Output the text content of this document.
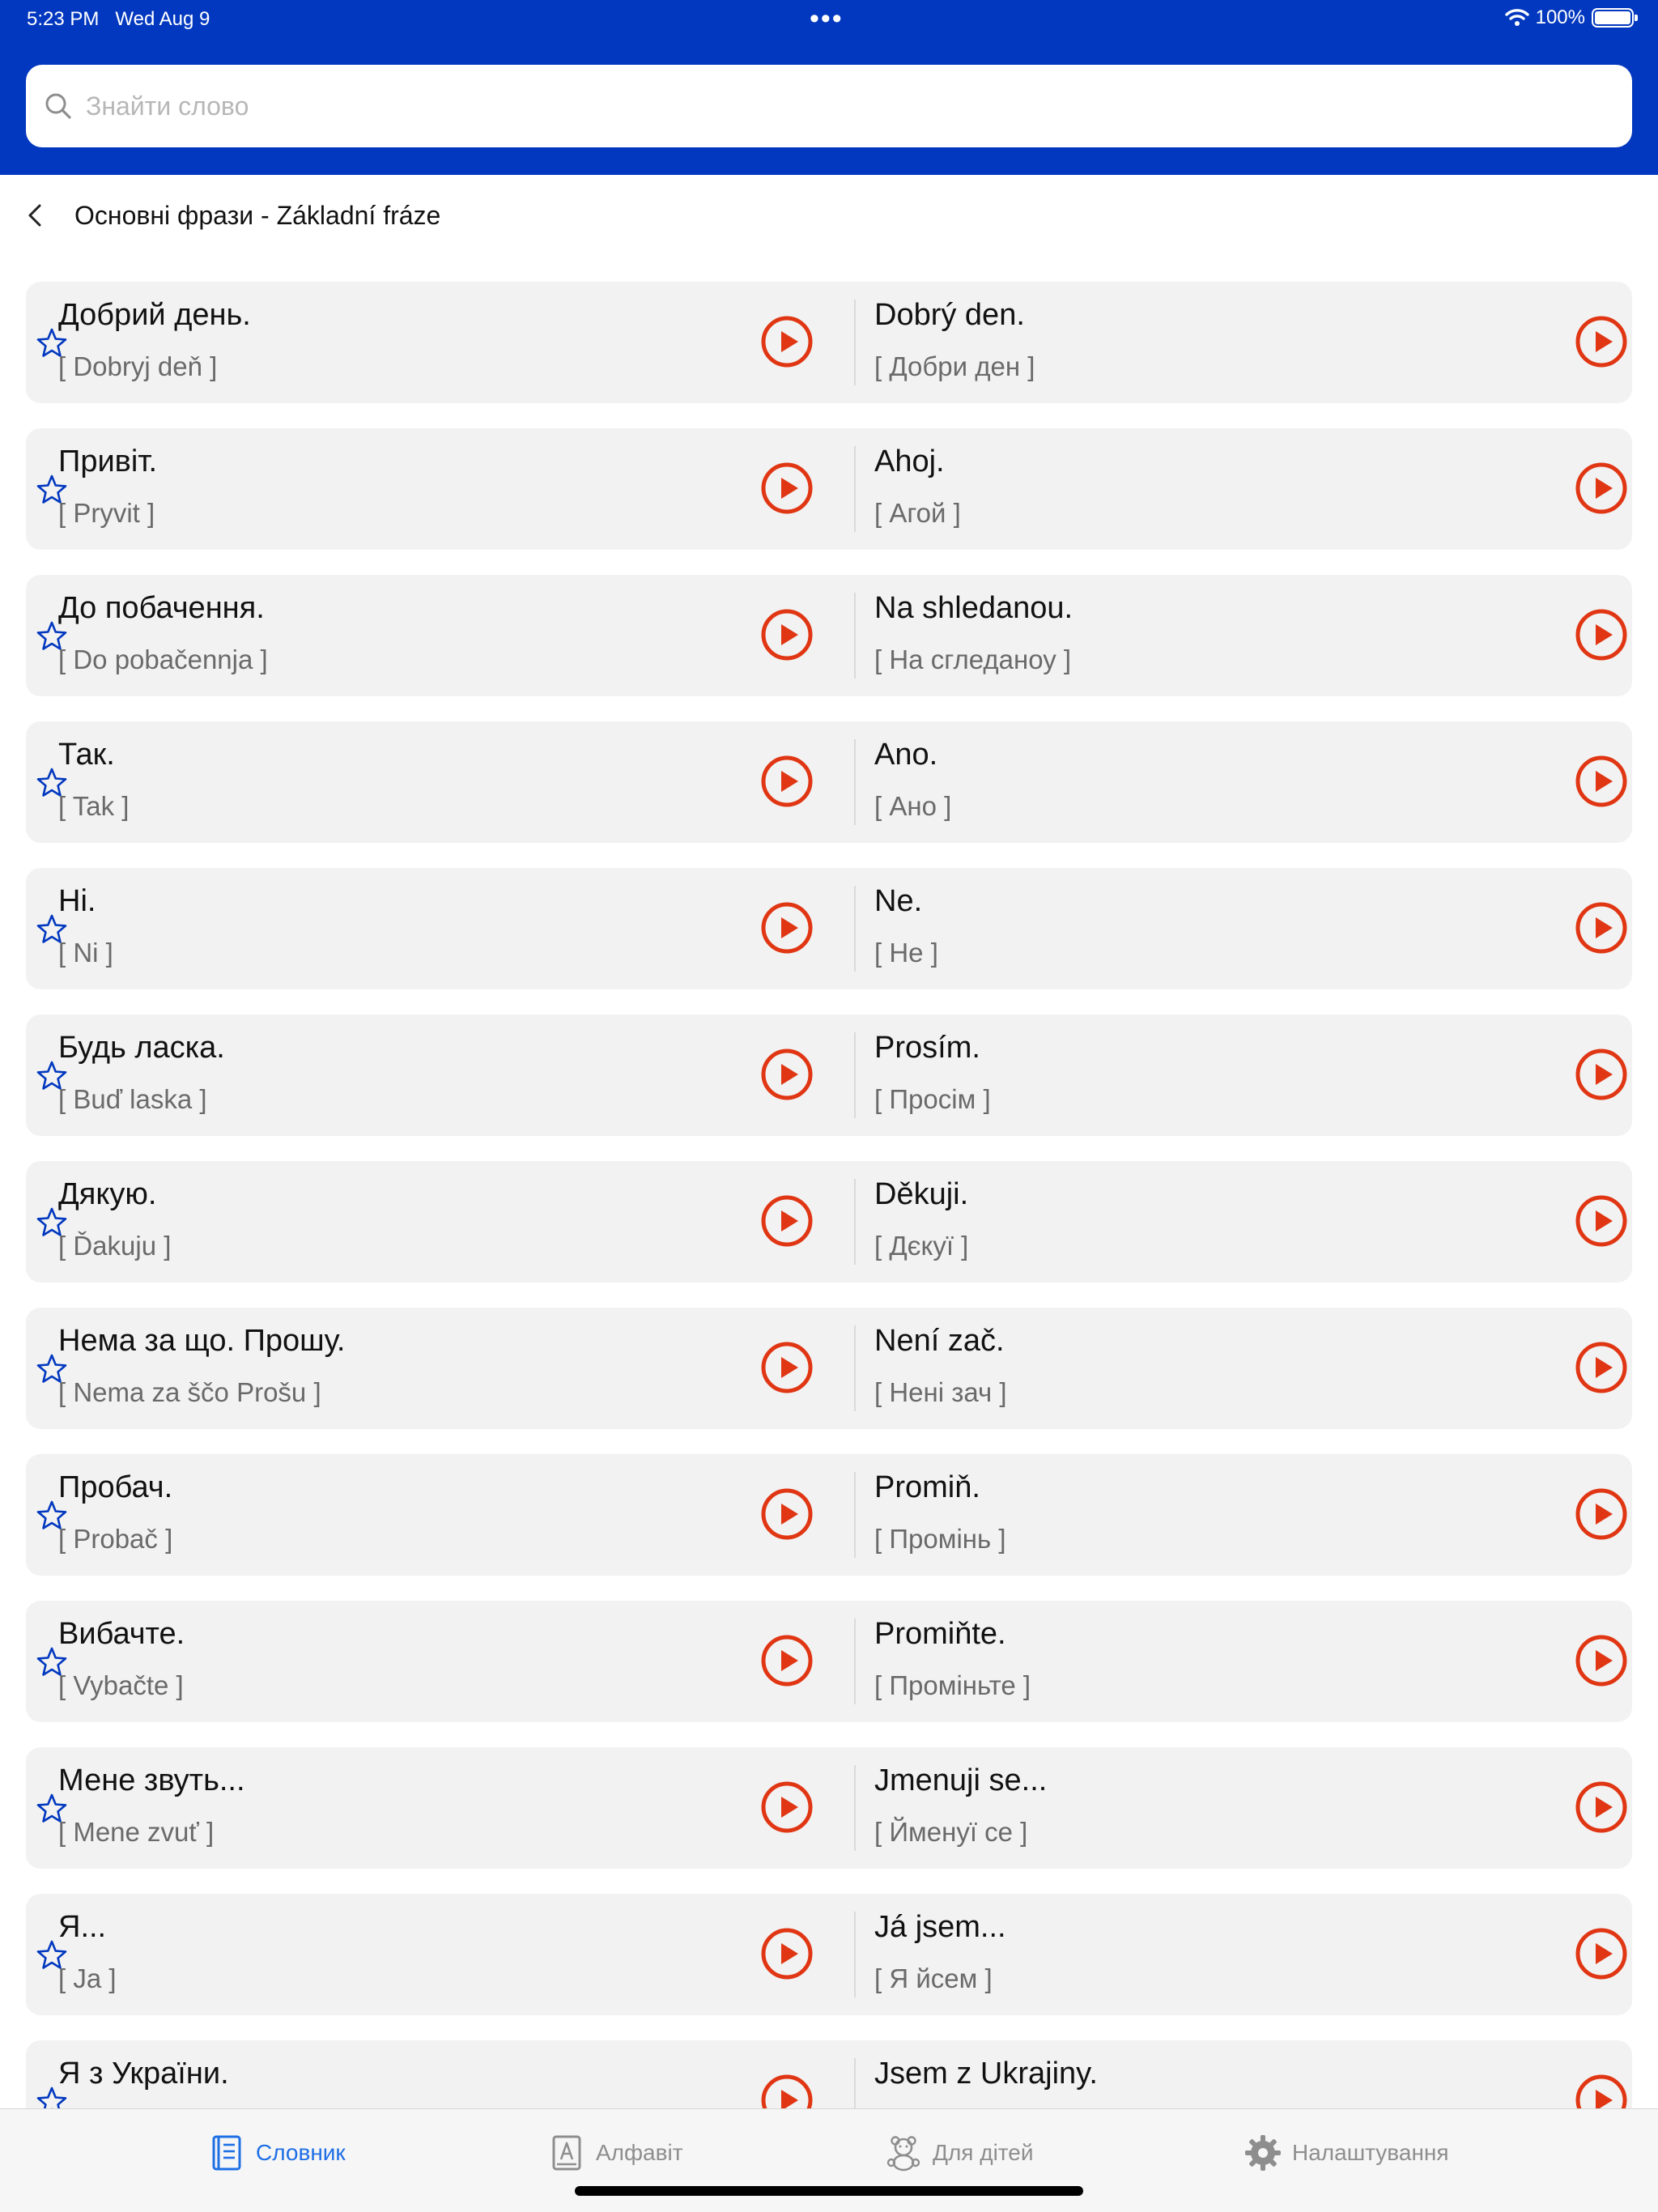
5:23 PM Wed Aug 9	•••	100%
Знайти слово
Основні фрази - Základní fráze
Добрий день.
[ Dobryj deň ]
Dobrý den.
[ Добри ден ]
Привіт.
[ Pryvit ]
Ahoj.
[ Агой ]
До побачення.
[ Do pobačennja ]
Na shledanou.
[ На сгледаноу ]
Так.
[ Tak ]
Ano.
[ Ано ]
Ні.
[ Ni ]
Ne.
[ Не ]
Будь ласка.
[ Buď laska ]
Prosím.
[ Просім ]
Дякую.
[ Ďakuju ]
Děkuji.
[ Дєкуї ]
Нема за що. Прошу.
[ Nema za ščo Prošu ]
Není zač.
[ Нені зач ]
Пробач.
[ Probač ]
Promiň.
[ Промінь ]
Вибачте.
[ Vybačte ]
Promiňte.
[ Проміньте ]
Мене звуть...
[ Mene zvuť ]
Jmenuji se...
[ Йменуї се ]
Я...
[ Ja ]
Já jsem...
[ Я йсем ]
Я з України.	Jsem z Ukrajiny.
Словник	Алфавіт	Для дітей	Налаштування
